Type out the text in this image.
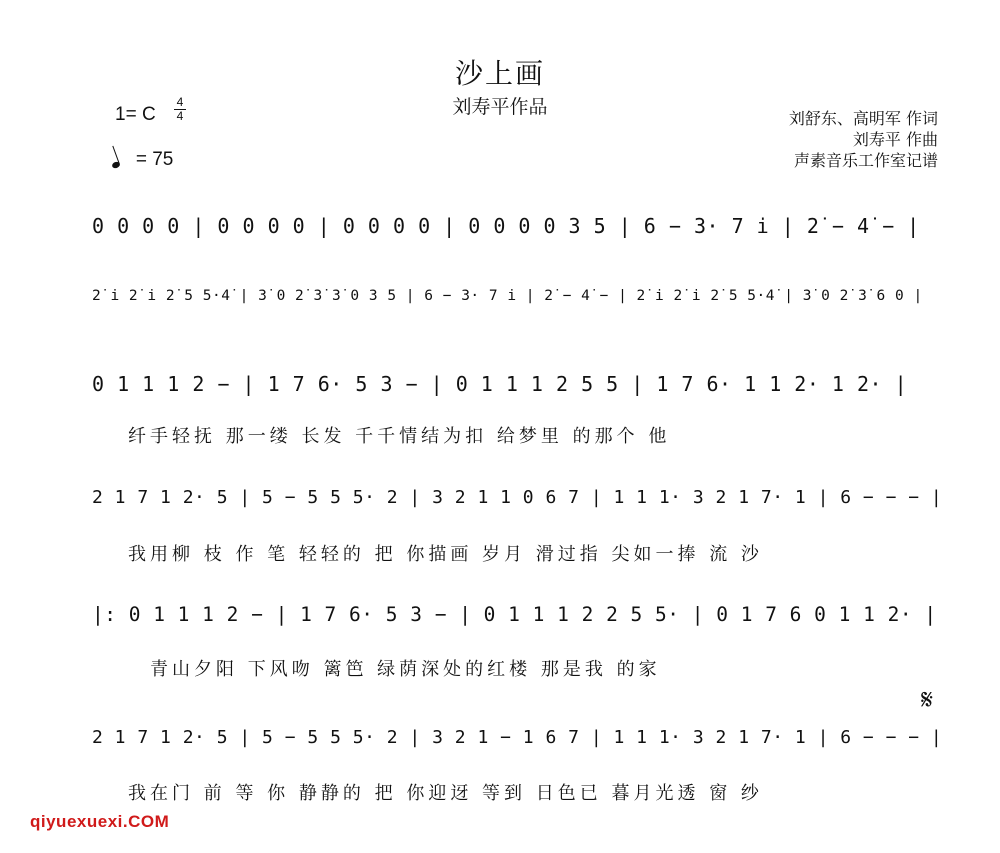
沙上画
刘寿平作品
1= C
4
4
= 75
刘舒东、高明军 作词
刘寿平 作曲
声素音乐工作室记谱
0 0 0 0 | 0 0 0 0 | 0 0 0 0 | 0 0 0 0 3 5 | 6 − 3· 7 i | 2̇ − 4̇ − |
2̇ i 2̇ i 2̇ 5 5·4̇ | 3̇ 0 2̇ 3̇ 3̇ 0 3 5 | 6 − 3· 7 i | 2̇ − 4̇ − | 2̇ i 2̇ i 2̇ 5 5·4̇ | 3̇ 0 2̇ 3̇ 6 0 |
0 1 1 1 2 − | 1 7 6· 5 3 − | 0 1 1 1 2 5 5 | 1 7 6· 1 1 2· 1 2· |
纤手轻抚 那一缕 长发 千千情结为扣 给梦里 的那个 他
2 1 7 1 2· 5 | 5 − 5 5 5· 2 | 3 2 1 1 0 6 7 | 1 1 1· 3 2 1 7· 1 | 6 − − − |
我用柳 枝 作 笔 轻轻的 把 你描画 岁月 滑过指 尖如一捧 流 沙
|: 0 1 1 1 2 − | 1 7 6· 5 3 − | 0 1 1 1 2 2 5 5· | 0 1 7 6 0 1 1 2· |
青山夕阳 下风吻 篱笆 绿荫深处的红楼 那是我 的家
𝄋
2 1 7 1 2· 5 | 5 − 5 5 5· 2 | 3 2 1 − 1 6 7 | 1 1 1· 3 2 1 7· 1 | 6 − − − |
我在门 前 等 你 静静的 把 你迎迓 等到 日色已 暮月光透 窗 纱
qiyuexuexi.COM
